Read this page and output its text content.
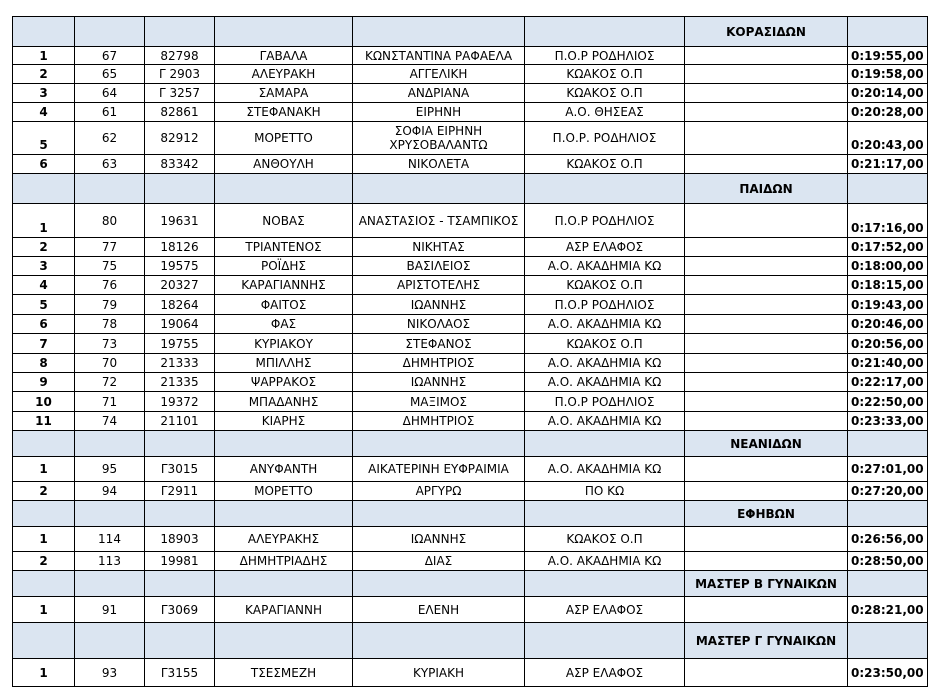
						ΚΟΡΑΣΙΔΩΝ	
1	67	82798	ΓΑΒΑΛΑ	ΚΩΝΣΤΑΝΤΙΝΑ ΡΑΦΑΕΛΑ	Π.Ο.Ρ ΡΟΔΗΛΙΟΣ		0:19:55,00
2	65	Γ 2903	ΑΛΕΥΡΑΚΗ	ΑΓΓΕΛΙΚΗ	ΚΩΑΚΟΣ Ο.Π		0:19:58,00
3	64	Γ 3257	ΣΑΜΑΡΑ	ΑΝΔΡΙΑΝΑ	ΚΩΑΚΟΣ Ο.Π		0:20:14,00
4	61	82861	ΣΤΕΦΑΝΑΚΗ	ΕΙΡΗΝΗ	Α.Ο. ΘΗΣΕΑΣ		0:20:28,00
5	62	82912	ΜΟΡΕΤΤΟ	ΣΟΦΙΑ ΕΙΡΗΝΗ ΧΡΥΣΟΒΑΛΑΝΤΩ	Π.Ο.Ρ. ΡΟΔΗΛΙΟΣ		0:20:43,00
6	63	83342	ΑΝΘΟΥΛΗ	ΝΙΚΟΛΕΤΑ	ΚΩΑΚΟΣ Ο.Π		0:21:17,00
						ΠΑΙΔΩΝ	
1	80	19631	ΝΟΒΑΣ	ΑΝΑΣΤΑΣΙΟΣ - ΤΣΑΜΠΙΚΟΣ	Π.Ο.Ρ ΡΟΔΗΛΙΟΣ		0:17:16,00
2	77	18126	ΤΡΙΑΝΤΕΝΟΣ	ΝΙΚΗΤΑΣ	ΑΣΡ ΕΛΑΦΟΣ		0:17:52,00
3	75	19575	ΡΟΪΔΗΣ	ΒΑΣΙΛΕΙΟΣ	Α.Ο. ΑΚΑΔΗΜΙΑ ΚΩ		0:18:00,00
4	76	20327	ΚΑΡΑΓΙΑΝΝΗΣ	ΑΡΙΣΤΟΤΕΛΗΣ	ΚΩΑΚΟΣ Ο.Π		0:18:15,00
5	79	18264	ΦΑΙΤΟΣ	ΙΩΑΝΝΗΣ	Π.Ο.Ρ ΡΟΔΗΛΙΟΣ		0:19:43,00
6	78	19064	ΦΑΣ	ΝΙΚΟΛΑΟΣ	Α.Ο. ΑΚΑΔΗΜΙΑ ΚΩ		0:20:46,00
7	73	19755	ΚΥΡΙΑΚΟΥ	ΣΤΕΦΑΝΟΣ	ΚΩΑΚΟΣ Ο.Π		0:20:56,00
8	70	21333	ΜΠΙΛΛΗΣ	ΔΗΜΗΤΡΙΟΣ	Α.Ο. ΑΚΑΔΗΜΙΑ ΚΩ		0:21:40,00
9	72	21335	ΨΑΡΡΑΚΟΣ	ΙΩΑΝΝΗΣ	Α.Ο. ΑΚΑΔΗΜΙΑ ΚΩ		0:22:17,00
10	71	19372	ΜΠΑΔΑΝΗΣ	ΜΑΞΙΜΟΣ	Π.Ο.Ρ ΡΟΔΗΛΙΟΣ		0:22:50,00
11	74	21101	ΚΙΑΡΗΣ	ΔΗΜΗΤΡΙΟΣ	Α.Ο. ΑΚΑΔΗΜΙΑ ΚΩ		0:23:33,00
						ΝΕΑΝΙΔΩΝ	
1	95	Γ3015	ΑΝΥΦΑΝΤΗ	ΑΙΚΑΤΕΡΙΝΗ ΕΥΦΡΑΙΜΙΑ	Α.Ο. ΑΚΑΔΗΜΙΑ ΚΩ		0:27:01,00
2	94	Γ2911	ΜΟΡΕΤΤΟ	ΑΡΓΥΡΩ	ΠΟ ΚΩ		0:27:20,00
						ΕΦΗΒΩΝ	
1	114	18903	ΑΛΕΥΡΑΚΗΣ	ΙΩΑΝΝΗΣ	ΚΩΑΚΟΣ Ο.Π		0:26:56,00
2	113	19981	ΔΗΜΗΤΡΙΑΔΗΣ	ΔΙΑΣ	Α.Ο. ΑΚΑΔΗΜΙΑ ΚΩ		0:28:50,00
						ΜΑΣΤΕΡ Β ΓΥΝΑΙΚΩΝ	
1	91	Γ3069	ΚΑΡΑΓΙΑΝΝΗ	ΕΛΕΝΗ	ΑΣΡ ΕΛΑΦΟΣ		0:28:21,00
						ΜΑΣΤΕΡ Γ ΓΥΝΑΙΚΩΝ	
1	93	Γ3155	ΤΣΕΣΜΕΖΗ	ΚΥΡΙΑΚΗ	ΑΣΡ ΕΛΑΦΟΣ		0:23:50,00
